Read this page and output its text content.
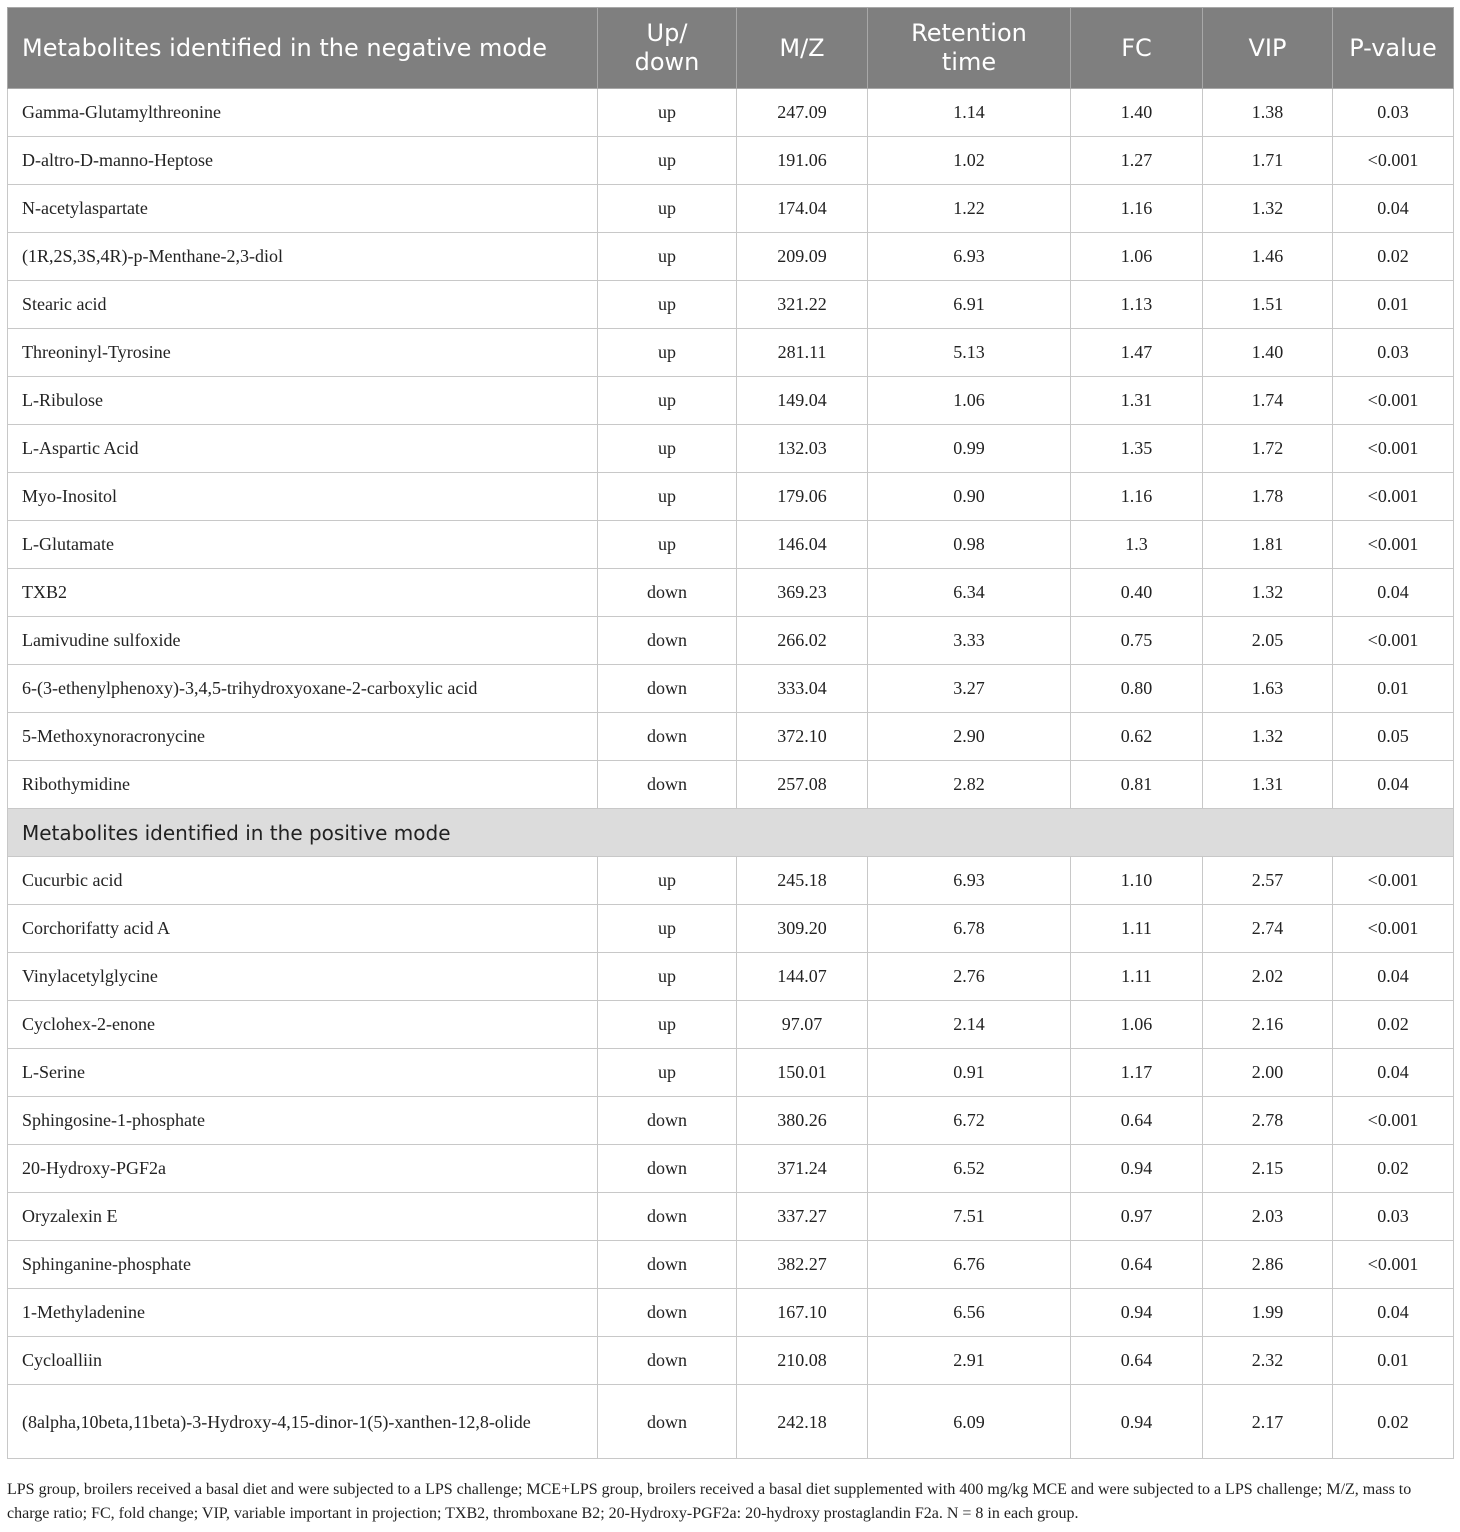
Metabolites identified in the negative mode	Up/ down	M/Z	Retention time	FC	VIP	P-value
Gamma-Glutamylthreonine	up	247.09	1.14	1.40	1.38	0.03
D-altro-D-manno-Heptose	up	191.06	1.02	1.27	1.71	<0.001
N-acetylaspartate	up	174.04	1.22	1.16	1.32	0.04
(1R,2S,3S,4R)-p-Menthane-2,3-diol	up	209.09	6.93	1.06	1.46	0.02
Stearic acid	up	321.22	6.91	1.13	1.51	0.01
Threoninyl-Tyrosine	up	281.11	5.13	1.47	1.40	0.03
L-Ribulose	up	149.04	1.06	1.31	1.74	<0.001
L-Aspartic Acid	up	132.03	0.99	1.35	1.72	<0.001
Myo-Inositol	up	179.06	0.90	1.16	1.78	<0.001
L-Glutamate	up	146.04	0.98	1.3	1.81	<0.001
TXB2	down	369.23	6.34	0.40	1.32	0.04
Lamivudine sulfoxide	down	266.02	3.33	0.75	2.05	<0.001
6-(3-ethenylphenoxy)-3,4,5-trihydroxyoxane-2-carboxylic acid	down	333.04	3.27	0.80	1.63	0.01
5-Methoxynoracronycine	down	372.10	2.90	0.62	1.32	0.05
Ribothymidine	down	257.08	2.82	0.81	1.31	0.04
Metabolites identified in the positive mode						
Cucurbic acid	up	245.18	6.93	1.10	2.57	<0.001
Corchorifatty acid A	up	309.20	6.78	1.11	2.74	<0.001
Vinylacetylglycine	up	144.07	2.76	1.11	2.02	0.04
Cyclohex-2-enone	up	97.07	2.14	1.06	2.16	0.02
L-Serine	up	150.01	0.91	1.17	2.00	0.04
Sphingosine-1-phosphate	down	380.26	6.72	0.64	2.78	<0.001
20-Hydroxy-PGF2a	down	371.24	6.52	0.94	2.15	0.02
Oryzalexin E	down	337.27	7.51	0.97	2.03	0.03
Sphinganine-phosphate	down	382.27	6.76	0.64	2.86	<0.001
1-Methyladenine	down	167.10	6.56	0.94	1.99	0.04
Cycloalliin	down	210.08	2.91	0.64	2.32	0.01
(8alpha,10beta,11beta)-3-Hydroxy-4,15-dinor-1(5)-xanthen-12,8-olide	down	242.18	6.09	0.94	2.17	0.02
LPS group, broilers received a basal diet and were subjected to a LPS challenge; MCE+LPS group, broilers received a basal diet supplemented with 400 mg/kg MCE and were subjected to a LPS challenge; M/Z, mass to charge ratio; FC, fold change; VIP, variable important in projection; TXB2, thromboxane B2; 20-Hydroxy-PGF2a: 20-hydroxy prostaglandin F2a. N = 8 in each group.
